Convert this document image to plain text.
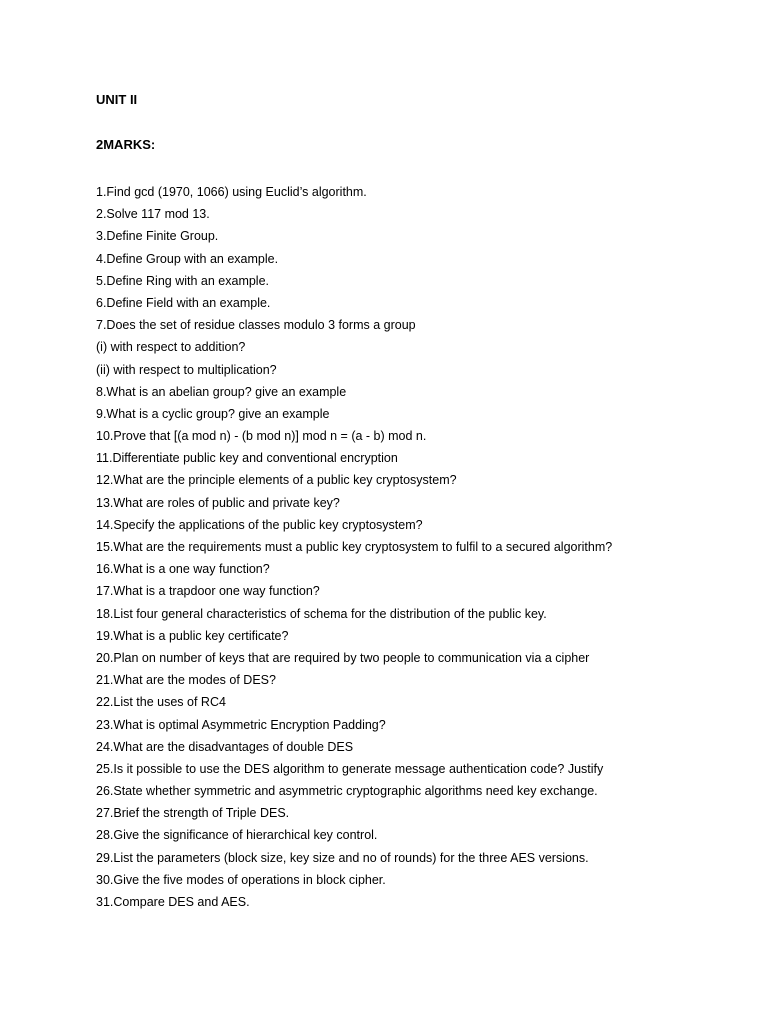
UNIT II
2MARKS:
1.Find gcd (1970, 1066) using Euclid’s algorithm.
2.Solve 117 mod 13.
3.Define Finite Group.
4.Define Group with an example.
5.Define Ring with an example.
6.Define Field with an example.
7.Does the set of residue classes modulo 3 forms a group
(i) with respect to addition?
(ii) with respect to multiplication?
8.What is an abelian group? give an example
9.What is a cyclic group? give an example
10.Prove that [(a mod n) - (b mod n)] mod n = (a - b) mod n.
11.Differentiate public key and conventional encryption
12.What are the principle elements of a public key cryptosystem?
13.What are roles of public and private key?
14.Specify the applications of the public key cryptosystem?
15.What are the requirements must a public key cryptosystem to fulfil to a secured algorithm?
16.What is a one way function?
17.What is a trapdoor one way function?
18.List four general characteristics of schema for the distribution of the public key.
19.What is a public key certificate?
20.Plan on number of keys that are required by two people to communication via a cipher
21.What are the modes of DES?
22.List the uses of RC4
23.What is optimal Asymmetric Encryption Padding?
24.What are the disadvantages of double DES
25.Is it possible to use the DES algorithm to generate message authentication code? Justify
26.State whether symmetric and asymmetric cryptographic algorithms need key exchange.
27.Brief the strength of Triple DES.
28.Give the significance of hierarchical key control.
29.List the parameters (block size, key size and no of rounds) for the three AES versions.
30.Give the five modes of operations in block cipher.
31.Compare DES and AES.
